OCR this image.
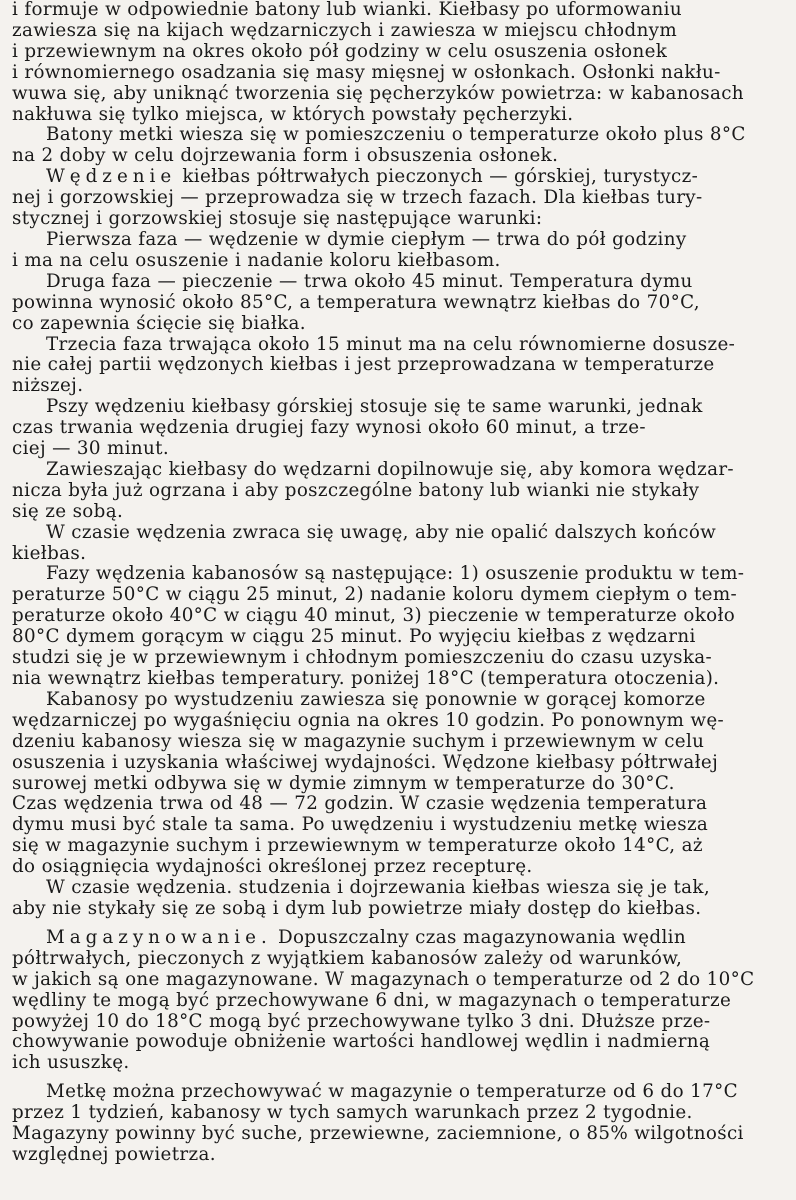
i formuje w odpowiednie batony lub wianki. Kiełbasy po uformowaniu
zawiesza się na kijach wędzarniczych i zawiesza w miejscu chłodnym
i przewiewnym na okres około pół godziny w celu osuszenia osłonek
i równomiernego osadzania się masy mięsnej w osłonkach. Osłonki nakłu-
wuwa się, aby uniknąć tworzenia się pęcherzyków powietrza: w kabanosach
nakłuwa się tylko miejsca, w których powstały pęcherzyki.

Batony metki wiesza się w pomieszczeniu o temperaturze około plus 8°C
na 2 doby w celu dojrzewania form i obsuszenia osłonek.

Wędzenie kiełbas półtrwałych pieczonych — górskiej, turystycz-
nej i gorzowskiej — przeprowadza się w trzech fazach. Dla kiełbas tury-
stycznej i gorzowskiej stosuje się następujące warunki:

Pierwsza faza — wędzenie w dymie ciepłym — trwa do pół godziny
i ma na celu osuszenie i nadanie koloru kiełbasom.

Druga faza — pieczenie — trwa około 45 minut. Temperatura dymu
powinna wynosić około 85°C, a temperatura wewnątrz kiełbas do 70°C,
co zapewnia ścięcie się białka.

Trzecia faza trwająca około 15 minut ma na celu równomierne dosusze-
nie całej partii wędzonych kiełbas i jest przeprowadzana w temperaturze
niższej.

Pszy wędzeniu kiełbasy górskiej stosuje się te same warunki, jednak
czas trwania wędzenia drugiej fazy wynosi około 60 minut, a trze-
ciej — 30 minut.

Zawieszając kiełbasy do wędzarni dopilnowuje się, aby komora wędzar-
nicza była już ogrzana i aby poszczególne batony lub wianki nie stykały
się ze sobą.

W czasie wędzenia zwraca się uwagę, aby nie opalić dalszych końców
kiełbas.

Fazy wędzenia kabanosów są następujące: 1) osuszenie produktu w tem-
peraturze 50°C w ciągu 25 minut, 2) nadanie koloru dymem ciepłym o tem-
peraturze około 40°C w ciągu 40 minut, 3) pieczenie w temperaturze około
80°C dymem gorącym w ciągu 25 minut. Po wyjęciu kiełbas z wędzarni
studzi się je w przewiewnym i chłodnym pomieszczeniu do czasu uzyska-
nia wewnątrz kiełbas temperatury. poniżej 18°C (temperatura otoczenia).

Kabanosy po wystudzeniu zawiesza się ponownie w gorącej komorze
wędzarniczej po wygaśnięciu ognia na okres 10 godzin. Po ponownym wę-
dzeniu kabanosy wiesza się w magazynie suchym i przewiewnym w celu
osuszenia i uzyskania właściwej wydajności. Wędzone kiełbasy półtrwałej
surowej metki odbywa się w dymie zimnym w temperaturze do 30°C.
Czas wędzenia trwa od 48 — 72 godzin. W czasie wędzenia temperatura
dymu musi być stale ta sama. Po uwędzeniu i wystudzeniu metkę wiesza
się w magazynie suchym i przewiewnym w temperaturze około 14°C, aż
do osiągnięcia wydajności określonej przez recepturę.

W czasie wędzenia. studzenia i dojrzewania kiełbas wiesza się je tak,
aby nie stykały się ze sobą i dym lub powietrze miały dostęp do kiełbas.

Magazynowanie. Dopuszczalny czas magazynowania wędlin
półtrwałych, pieczonych z wyjątkiem kabanosów zależy od warunków,
w jakich są one magazynowane. W magazynach o temperaturze od 2 do 10°C
wędliny te mogą być przechowywane 6 dni, w magazynach o temperaturze
powyżej 10 do 18°C mogą być przechowywane tylko 3 dni. Dłuższe prze-
chowywanie powoduje obniżenie wartości handlowej wędlin i nadmierną
ich ususzkę.

Metkę można przechowywać w magazynie o temperaturze od 6 do 17°C
przez 1 tydzień, kabanosy w tych samych warunkach przez 2 tygodnie.
Magazyny powinny być suche, przewiewne, zaciemnione, o 85% wilgotności
względnej powietrza.
